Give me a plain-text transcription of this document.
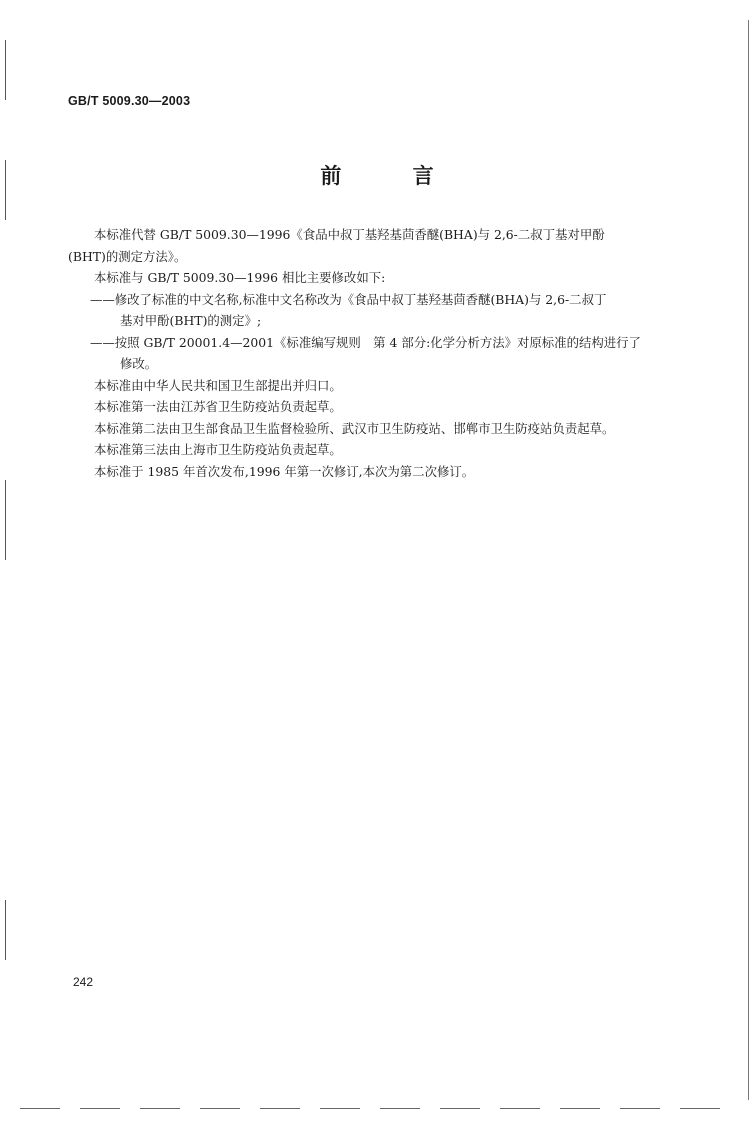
GB/T 5009.30—2003
前 言

本标准代替 GB/T 5009.30—1996《食品中叔丁基羟基茴香醚(BHA)与 2,6-二叔丁基对甲酚

(BHT)的测定方法》。

本标准与 GB/T 5009.30—1996 相比主要修改如下:

——修改了标准的中文名称,标准中文名称改为《食品中叔丁基羟基茴香醚(BHA)与 2,6-二叔丁

基对甲酚(BHT)的测定》;

——按照 GB/T 20001.4—2001《标准编写规则　第 4 部分:化学分析方法》对原标准的结构进行了

修改。

本标准由中华人民共和国卫生部提出并归口。

本标准第一法由江苏省卫生防疫站负责起草。

本标准第二法由卫生部食品卫生监督检验所、武汉市卫生防疫站、邯郸市卫生防疫站负责起草。

本标准第三法由上海市卫生防疫站负责起草。

本标准于 1985 年首次发布,1996 年第一次修订,本次为第二次修订。

242
